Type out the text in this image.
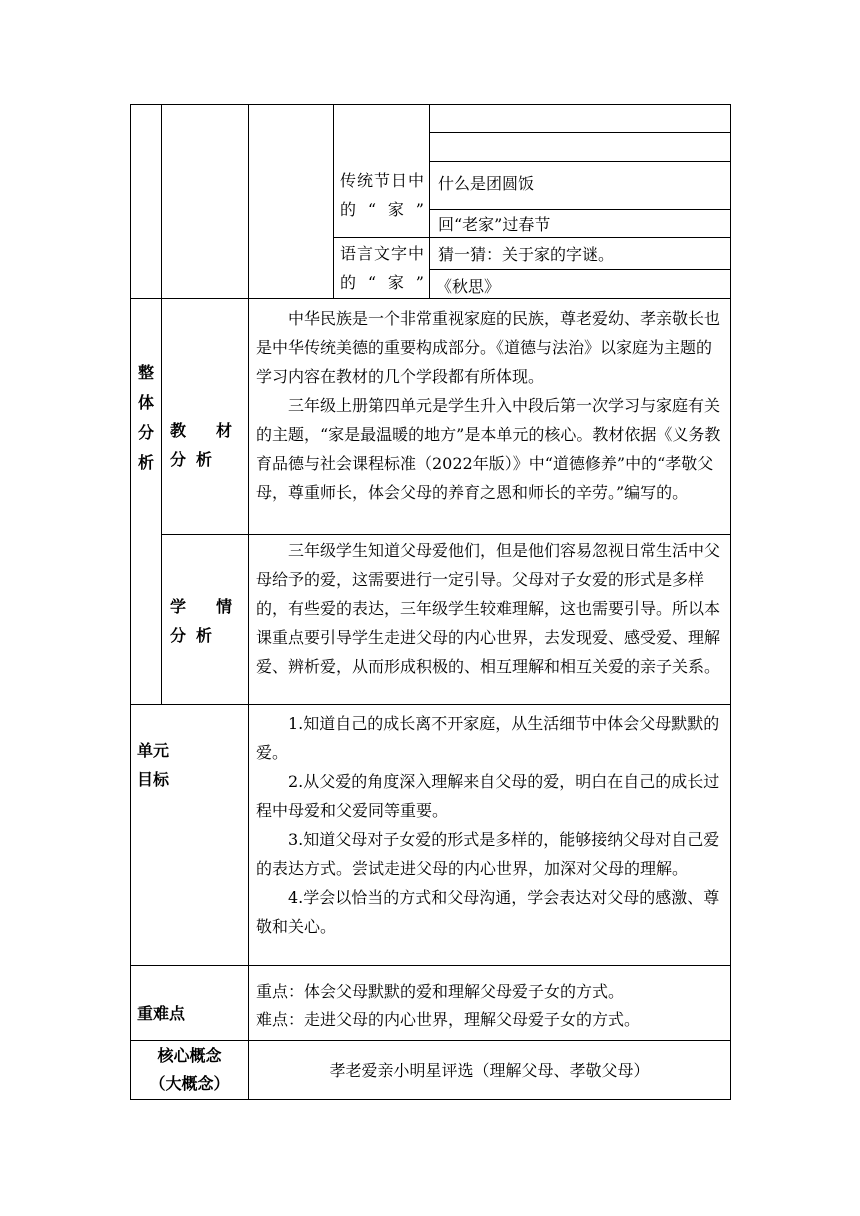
传统节日中的“家”
什么是团圆饭
回“老家”过春节
语言文字中的“家”
猜一猜：关于家的字谜。
《秋思》
整体分析
教材分析

中华民族是一个非常重视家庭的民族，尊老爱幼、孝亲敬长也是中华传统美德的重要构成部分。《道德与法治》以家庭为主题的学习内容在教材的几个学段都有所体现。

三年级上册第四单元是学生升入中段后第一次学习与家庭有关的主题，“家是最温暖的地方”是本单元的核心。教材依据《义务教育品德与社会课程标准（2022年版）》中“道德修养”中的“孝敬父母，尊重师长，体会父母的养育之恩和师长的辛劳。”编写的。

学情分析

三年级学生知道父母爱他们，但是他们容易忽视日常生活中父母给予的爱，这需要进行一定引导。父母对子女爱的形式是多样的，有些爱的表达，三年级学生较难理解，这也需要引导。所以本课重点要引导学生走进父母的内心世界，去发现爱、感受爱、理解爱、辨析爱，从而形成积极的、相互理解和相互关爱的亲子关系。

单元
目标

1.知道自己的成长离不开家庭，从生活细节中体会父母默默的爱。

2.从父爱的角度深入理解来自父母的爱，明白在自己的成长过程中母爱和父爱同等重要。

3.知道父母对子女爱的形式是多样的，能够接纳父母对自己爱的表达方式。尝试走进父母的内心世界，加深对父母的理解。

4.学会以恰当的方式和父母沟通，学会表达对父母的感激、尊敬和关心。

重难点
重点：体会父母默默的爱和理解父母爱子女的方式。
难点：走进父母的内心世界，理解父母爱子女的方式。
核心概念
（大概念）
孝老爱亲小明星评选（理解父母、孝敬父母）
